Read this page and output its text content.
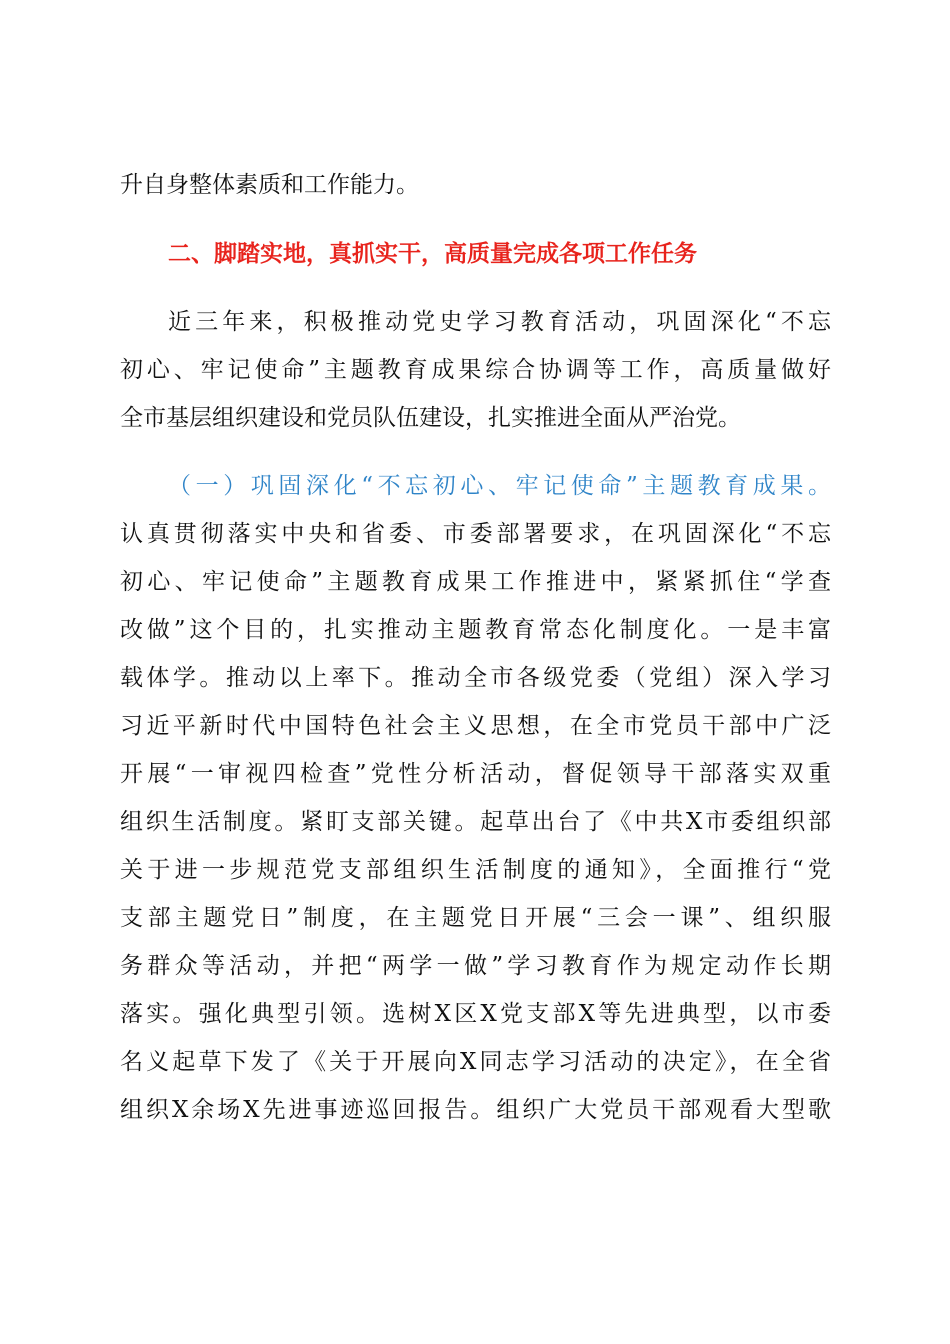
升自身整体素质和工作能力。
二、脚踏实地，真抓实干，高质量完成各项工作任务
近三年来，积极推动党史学习教育活动，巩固深化“不忘
初心、牢记使命”主题教育成果综合协调等工作，高质量做好
全市基层组织建设和党员队伍建设，扎实推进全面从严治党。
（一）巩固深化“不忘初心、牢记使命”主题教育成果。
认真贯彻落实中央和省委、市委部署要求，在巩固深化“不忘
初心、牢记使命”主题教育成果工作推进中，紧紧抓住“学查
改做”这个目的，扎实推动主题教育常态化制度化。一是丰富
载体学。推动以上率下。推动全市各级党委（党组）深入学习
习近平新时代中国特色社会主义思想，在全市党员干部中广泛
开展“一审视四检查”党性分析活动，督促领导干部落实双重
组织生活制度。紧盯支部关键。起草出台了《中共X市委组织部
关于进一步规范党支部组织生活制度的通知》，全面推行“党
支部主题党日”制度，在主题党日开展“三会一课”、组织服
务群众等活动，并把“两学一做”学习教育作为规定动作长期
落实。强化典型引领。选树X区X党支部X等先进典型，以市委
名义起草下发了《关于开展向X同志学习活动的决定》，在全省
组织X余场X先进事迹巡回报告。组织广大党员干部观看大型歌
